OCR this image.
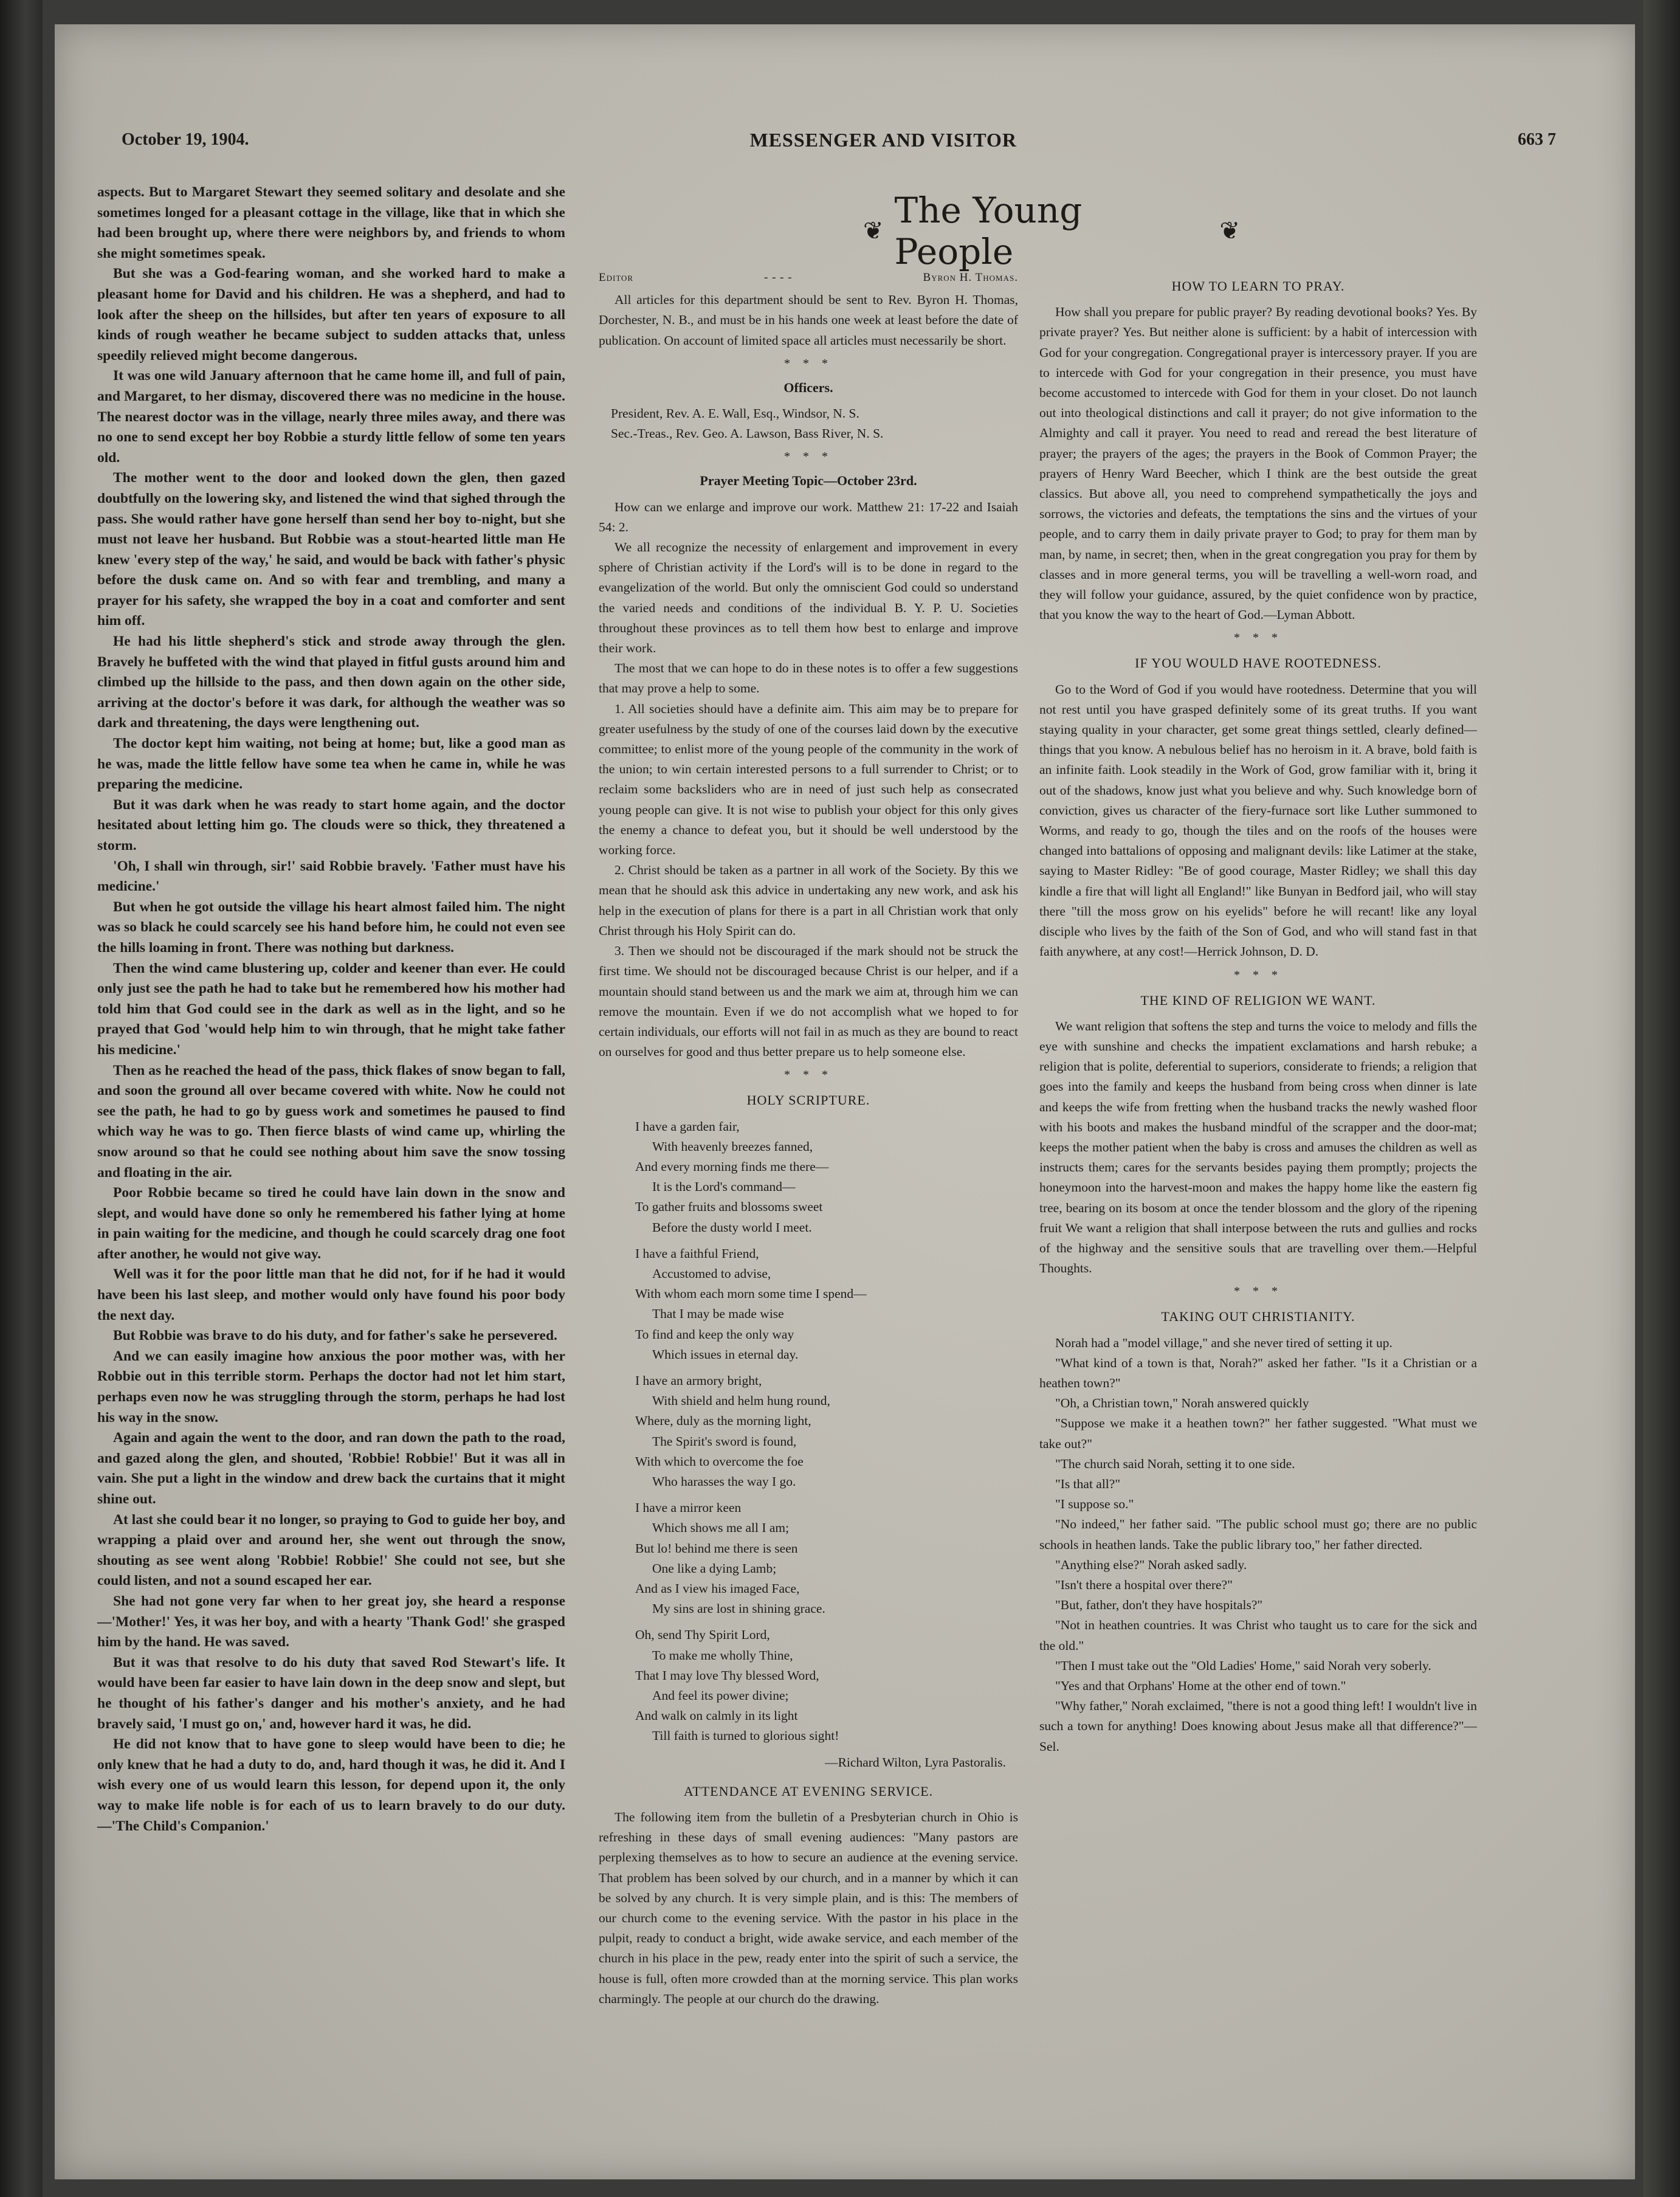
October 19, 1904.	MESSENGER AND VISITOR	663 7

aspects. But to Margaret Stewart they seemed solitary and desolate and she sometimes longed for a pleasant cottage in the village, like that in which she had been brought up, where there were neighbors by, and friends to whom she might sometimes speak.

But she was a God-fearing woman, and she worked hard to make a pleasant home for David and his children. He was a shepherd, and had to look after the sheep on the hillsides, but after ten years of exposure to all kinds of rough weather he became subject to sudden attacks that, unless speedily relieved might become dangerous.

It was one wild January afternoon that he came home ill, and full of pain, and Margaret, to her dismay, discovered there was no medicine in the house. The nearest doctor was in the village, nearly three miles away, and there was no one to send except her boy Robbie a sturdy little fellow of some ten years old.

The mother went to the door and looked down the glen, then gazed doubtfully on the lowering sky, and listened the wind that sighed through the pass. She would rather have gone herself than send her boy to-night, but she must not leave her husband. But Robbie was a stout-hearted little man He knew 'every step of the way,' he said, and would be back with father's physic before the dusk came on. And so with fear and trembling, and many a prayer for his safety, she wrapped the boy in a coat and comforter and sent him off.

He had his little shepherd's stick and strode away through the glen. Bravely he buffeted with the wind that played in fitful gusts around him and climbed up the hillside to the pass, and then down again on the other side, arriving at the doctor's before it was dark, for although the weather was so dark and threatening, the days were lengthening out.

The doctor kept him waiting, not being at home; but, like a good man as he was, made the little fellow have some tea when he came in, while he was preparing the medicine.

But it was dark when he was ready to start home again, and the doctor hesitated about letting him go. The clouds were so thick, they threatened a storm.

'Oh, I shall win through, sir!' said Robbie bravely. 'Father must have his medicine.'

But when he got outside the village his heart almost failed him. The night was so black he could scarcely see his hand before him, he could not even see the hills loaming in front. There was nothing but darkness.

Then the wind came blustering up, colder and keener than ever. He could only just see the path he had to take but he remembered how his mother had told him that God could see in the dark as well as in the light, and so he prayed that God 'would help him to win through, that he might take father his medicine.'

Then as he reached the head of the pass, thick flakes of snow began to fall, and soon the ground all over became covered with white. Now he could not see the path, he had to go by guess work and sometimes he paused to find which way he was to go. Then fierce blasts of wind came up, whirling the snow around so that he could see nothing about him save the snow tossing and floating in the air.

Poor Robbie became so tired he could have lain down in the snow and slept, and would have done so only he remembered his father lying at home in pain waiting for the medicine, and though he could scarcely drag one foot after another, he would not give way.

Well was it for the poor little man that he did not, for if he had it would have been his last sleep, and mother would only have found his poor body the next day.

But Robbie was brave to do his duty, and for father's sake he persevered.

And we can easily imagine how anxious the poor mother was, with her Robbie out in this terrible storm. Perhaps the doctor had not let him start, perhaps even now he was struggling through the storm, perhaps he had lost his way in the snow.

Again and again the went to the door, and ran down the path to the road, and gazed along the glen, and shouted, 'Robbie! Robbie!' But it was all in vain. She put a light in the window and drew back the curtains that it might shine out.

At last she could bear it no longer, so praying to God to guide her boy, and wrapping a plaid over and around her, she went out through the snow, shouting as see went along 'Robbie! Robbie!' She could not see, but she could listen, and not a sound escaped her ear.

She had not gone very far when to her great joy, she heard a response—'Mother!' Yes, it was her boy, and with a hearty 'Thank God!' she grasped him by the hand. He was saved.

But it was that resolve to do his duty that saved Rod Stewart's life. It would have been far easier to have lain down in the deep snow and slept, but he thought of his father's danger and his mother's anxiety, and he had bravely said, 'I must go on,' and, however hard it was, he did.

He did not know that to have gone to sleep would have been to die; he only knew that he had a duty to do, and, hard though it was, he did it. And I wish every one of us would learn this lesson, for depend upon it, the only way to make life noble is for each of us to learn bravely to do our duty.—'The Child's Companion.'

❦ The Young People	❦
Editor	- - - -	Byron H. Thomas.

All articles for this department should be sent to Rev. Byron H. Thomas, Dorchester, N. B., and must be in his hands one week at least before the date of publication. On account of limited space all articles must necessarily be short.

* * *
Officers.

President, Rev. A. E. Wall, Esq., Windsor, N. S.

Sec.-Treas., Rev. Geo. A. Lawson, Bass River, N. S.

* * *
Prayer Meeting Topic—October 23rd.

How can we enlarge and improve our work. Matthew 21: 17-22 and Isaiah 54: 2.

We all recognize the necessity of enlargement and improvement in every sphere of Christian activity if the Lord's will is to be done in regard to the evangelization of the world. But only the omniscient God could so understand the varied needs and conditions of the individual B. Y. P. U. Societies throughout these provinces as to tell them how best to enlarge and improve their work.

The most that we can hope to do in these notes is to offer a few suggestions that may prove a help to some.

1. All societies should have a definite aim. This aim may be to prepare for greater usefulness by the study of one of the courses laid down by the executive committee; to enlist more of the young people of the community in the work of the union; to win certain interested persons to a full surrender to Christ; or to reclaim some backsliders who are in need of just such help as consecrated young people can give. It is not wise to publish your object for this only gives the enemy a chance to defeat you, but it should be well understood by the working force.

2. Christ should be taken as a partner in all work of the Society. By this we mean that he should ask this advice in undertaking any new work, and ask his help in the execution of plans for there is a part in all Christian work that only Christ through his Holy Spirit can do.

3. Then we should not be discouraged if the mark should not be struck the first time. We should not be discouraged because Christ is our helper, and if a mountain should stand between us and the mark we aim at, through him we can remove the mountain. Even if we do not accomplish what we hoped to for certain individuals, our efforts will not fail in as much as they are bound to react on ourselves for good and thus better prepare us to help someone else.

* * *
HOLY SCRIPTURE.
I have a garden fair,
With heavenly breezes fanned,
And every morning finds me there—
It is the Lord's command—
To gather fruits and blossoms sweet
Before the dusty world I meet.
I have a faithful Friend,
Accustomed to advise,
With whom each morn some time I spend—
That I may be made wise
To find and keep the only way
Which issues in eternal day.
I have an armory bright,
With shield and helm hung round,
Where, duly as the morning light,
The Spirit's sword is found,
With which to overcome the foe
Who harasses the way I go.
I have a mirror keen
Which shows me all I am;
But lo! behind me there is seen
One like a dying Lamb;
And as I view his imaged Face,
My sins are lost in shining grace.
Oh, send Thy Spirit Lord,
To make me wholly Thine,
That I may love Thy blessed Word,
And feel its power divine;
And walk on calmly in its light
Till faith is turned to glorious sight!
—Richard Wilton, Lyra Pastoralis.
ATTENDANCE AT EVENING SERVICE.

The following item from the bulletin of a Presbyterian church in Ohio is refreshing in these days of small evening audiences: "Many pastors are perplexing themselves as to how to secure an audience at the evening service. That problem has been solved by our church, and in a manner by which it can be solved by any church. It is very simple plain, and is this: The members of our church come to the evening service. With the pastor in his place in the pulpit, ready to conduct a bright, wide awake service, and each member of the church in his place in the pew, ready enter into the spirit of such a service, the house is full, often more crowded than at the morning service. This plan works charmingly. The people at our church do the drawing.

HOW TO LEARN TO PRAY.

How shall you prepare for public prayer? By reading devotional books? Yes. By private prayer? Yes. But neither alone is sufficient: by a habit of intercession with God for your congregation. Congregational prayer is intercessory prayer. If you are to intercede with God for your congregation in their presence, you must have become accustomed to intercede with God for them in your closet. Do not launch out into theological distinctions and call it prayer; do not give information to the Almighty and call it prayer. You need to read and reread the best literature of prayer; the prayers of the ages; the prayers in the Book of Common Prayer; the prayers of Henry Ward Beecher, which I think are the best outside the great classics. But above all, you need to comprehend sympathetically the joys and sorrows, the victories and defeats, the temptations the sins and the virtues of your people, and to carry them in daily private prayer to God; to pray for them man by man, by name, in secret; then, when in the great congregation you pray for them by classes and in more general terms, you will be travelling a well-worn road, and they will follow your guidance, assured, by the quiet confidence won by practice, that you know the way to the heart of God.—Lyman Abbott.

* * *
IF YOU WOULD HAVE ROOTEDNESS.

Go to the Word of God if you would have rootedness. Determine that you will not rest until you have grasped definitely some of its great truths. If you want staying quality in your character, get some great things settled, clearly defined—things that you know. A nebulous belief has no heroism in it. A brave, bold faith is an infinite faith. Look steadily in the Work of God, grow familiar with it, bring it out of the shadows, know just what you believe and why. Such knowledge born of conviction, gives us character of the fiery-furnace sort like Luther summoned to Worms, and ready to go, though the tiles and on the roofs of the houses were changed into battalions of opposing and malignant devils: like Latimer at the stake, saying to Master Ridley: "Be of good courage, Master Ridley; we shall this day kindle a fire that will light all England!" like Bunyan in Bedford jail, who will stay there "till the moss grow on his eyelids" before he will recant! like any loyal disciple who lives by the faith of the Son of God, and who will stand fast in that faith anywhere, at any cost!—Herrick Johnson, D. D.

* * *
THE KIND OF RELIGION WE WANT.

We want religion that softens the step and turns the voice to melody and fills the eye with sunshine and checks the impatient exclamations and harsh rebuke; a religion that is polite, deferential to superiors, considerate to friends; a religion that goes into the family and keeps the husband from being cross when dinner is late and keeps the wife from fretting when the husband tracks the newly washed floor with his boots and makes the husband mindful of the scrapper and the door-mat; keeps the mother patient when the baby is cross and amuses the children as well as instructs them; cares for the servants besides paying them promptly; projects the honeymoon into the harvest-moon and makes the happy home like the eastern fig tree, bearing on its bosom at once the tender blossom and the glory of the ripening fruit We want a religion that shall interpose between the ruts and gullies and rocks of the highway and the sensitive souls that are travelling over them.—Helpful Thoughts.

* * *
TAKING OUT CHRISTIANITY.

Norah had a "model village," and she never tired of setting it up.

"What kind of a town is that, Norah?" asked her father. "Is it a Christian or a heathen town?"

"Oh, a Christian town," Norah answered quickly

"Suppose we make it a heathen town?" her father suggested. "What must we take out?"

"The church said Norah, setting it to one side.

"Is that all?"

"I suppose so."

"No indeed," her father said. "The public school must go; there are no public schools in heathen lands. Take the public library too," her father directed.

"Anything else?" Norah asked sadly.

"Isn't there a hospital over there?"

"But, father, don't they have hospitals?"

"Not in heathen countries. It was Christ who taught us to care for the sick and the old."

"Then I must take out the "Old Ladies' Home," said Norah very soberly.

"Yes and that Orphans' Home at the other end of town."

"Why father," Norah exclaimed, "there is not a good thing left! I wouldn't live in such a town for anything! Does knowing about Jesus make all that difference?"—Sel.
